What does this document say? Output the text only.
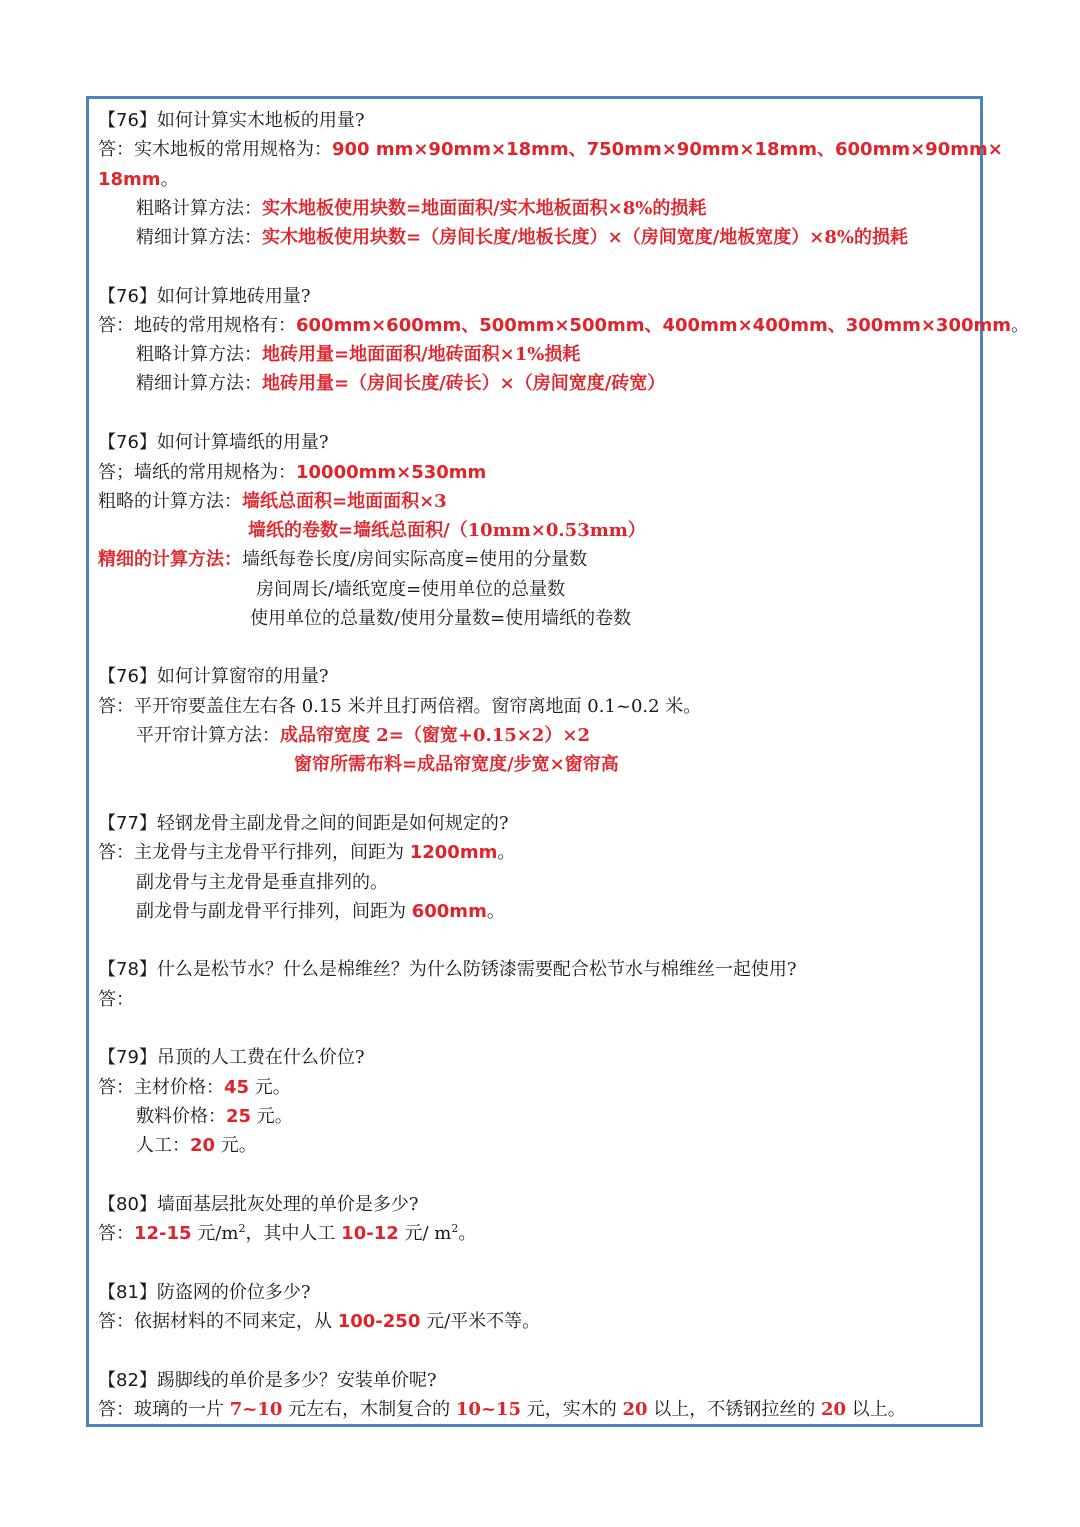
【76】如何计算实木地板的用量?
答：实木地板的常用规格为：900 mm×90mm×18mm、750mm×90mm×18mm、600mm×90mm×
18mm。
粗略计算方法：实木地板使用块数=地面面积/实木地板面积×8%的损耗
精细计算方法：实木地板使用块数=（房间长度/地板长度）×（房间宽度/地板宽度）×8%的损耗
【76】如何计算地砖用量?
答：地砖的常用规格有：600mm×600mm、500mm×500mm、400mm×400mm、300mm×300mm。
粗略计算方法：地砖用量=地面面积/地砖面积×1%损耗
精细计算方法：地砖用量=（房间长度/砖长）×（房间宽度/砖宽）
【76】如何计算墙纸的用量?
答；墙纸的常用规格为：10000mm×530mm
粗略的计算方法：墙纸总面积=地面面积×3
墙纸的卷数=墙纸总面积/（10mm×0.53mm）
精细的计算方法：墙纸每卷长度/房间实际高度=使用的分量数
房间周长/墙纸宽度=使用单位的总量数
使用单位的总量数/使用分量数=使用墙纸的卷数
【76】如何计算窗帘的用量?
答：平开帘要盖住左右各 0.15 米并且打两倍褶。窗帘离地面 0.1~0.2 米。
平开帘计算方法：成品帘宽度 2=（窗宽+0.15×2）×2
窗帘所需布料=成品帘宽度/步宽×窗帘高
【77】轻钢龙骨主副龙骨之间的间距是如何规定的?
答：主龙骨与主龙骨平行排列，间距为 1200mm。
副龙骨与主龙骨是垂直排列的。
副龙骨与副龙骨平行排列，间距为 600mm。
【78】什么是松节水？什么是棉维丝？为什么防锈漆需要配合松节水与棉维丝一起使用?
答：
【79】吊顶的人工费在什么价位?
答：主材价格：45 元。
敷料价格：25 元。
人工：20 元。
【80】墙面基层批灰处理的单价是多少?
答：12-15 元$/m^2$，其中人工 10-12 元/ $m^2$。
【81】防盗网的价位多少?
答：依据材料的不同来定，从 100-250 元/平米不等。
【82】踢脚线的单价是多少？安装单价呢?
答：玻璃的一片 7~10 元左右，木制复合的 10~15 元，实木的 20 以上，不锈钢拉丝的 20 以上。
